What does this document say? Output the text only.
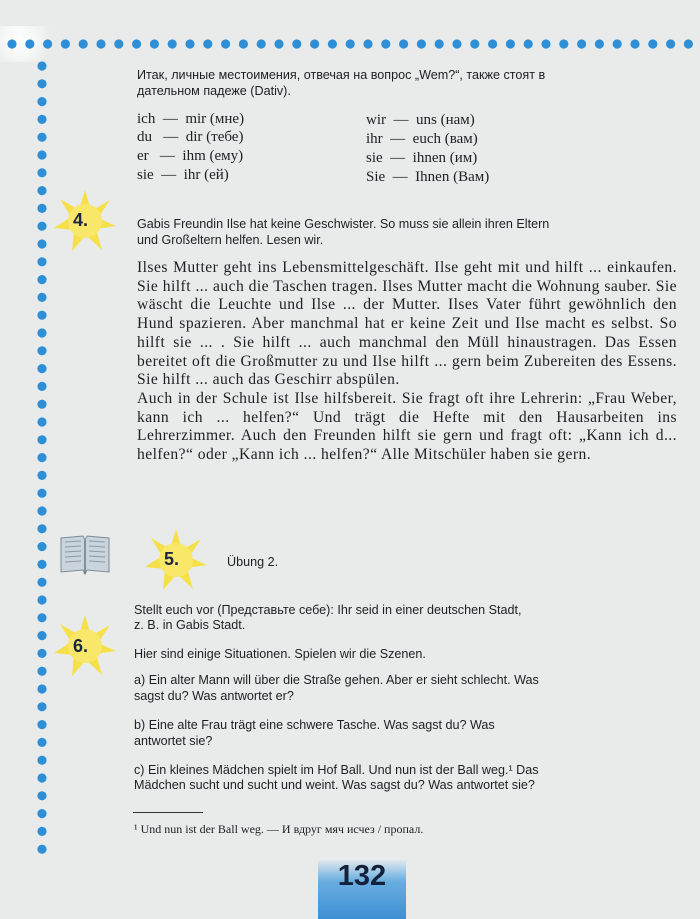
Итак, личные местоимения, отвечая на вопрос „Wem?“, также стоят в
дательном падеже (Dativ).
ich  —  mir (мне)
du   —  dir (тебе)
er   —  ihm (ему)
sie  —  ihr (ей)
wir  —  uns (нам)
ihr  —  euch (вам)
sie  —  ihnen (им)
Sie  —  Ihnen (Вам)
4.	Gabis Freundin Ilse hat keine Geschwister. So muss sie allein ihren Eltern
und Großeltern helfen. Lesen wir.

Ilses Mutter geht ins Lebensmittelgeschäft. Ilse geht mit und hilft ... einkaufen. Sie hilft ... auch die Taschen tragen. Ilses Mutter macht die Wohnung sauber. Sie wäscht die Leuchte und Ilse ... der Mutter. Ilses Vater führt gewöhnlich den Hund spazieren. Aber manchmal hat er keine Zeit und Ilse macht es selbst. So hilft sie ... . Sie hilft ... auch manchmal den Müll hinaustragen. Das Essen bereitet oft die Großmutter zu und Ilse hilft ... gern beim Zubereiten des Essens. Sie hilft ... auch das Geschirr abspülen.

Auch in der Schule ist Ilse hilfsbereit. Sie fragt oft ihre Lehrerin: „Frau Weber, kann ich ... helfen?“ Und trägt die Hefte mit den Hausarbeiten ins Lehrerzimmer. Auch den Freunden hilft sie gern und fragt oft: „Kann ich d... helfen?“ oder „Kann ich ... helfen?“ Alle Mitschüler haben sie gern.

5.	Übung 2.
6.
Stellt euch vor (Представьте себе): Ihr seid in einer deutschen Stadt,
z. B. in Gabis Stadt.
Hier sind einige Situationen. Spielen wir die Szenen.
a) Ein alter Mann will über die Straße gehen. Aber er sieht schlecht. Was
sagst du? Was antwortet er?
b) Eine alte Frau trägt eine schwere Tasche. Was sagst du? Was
antwortet sie?
c) Ein kleines Mädchen spielt im Hof Ball. Und nun ist der Ball weg.¹ Das
Mädchen sucht und sucht und weint. Was sagst du? Was antwortet sie?
¹ Und nun ist der Ball weg. — И вдруг мяч исчез / пропал.
132
